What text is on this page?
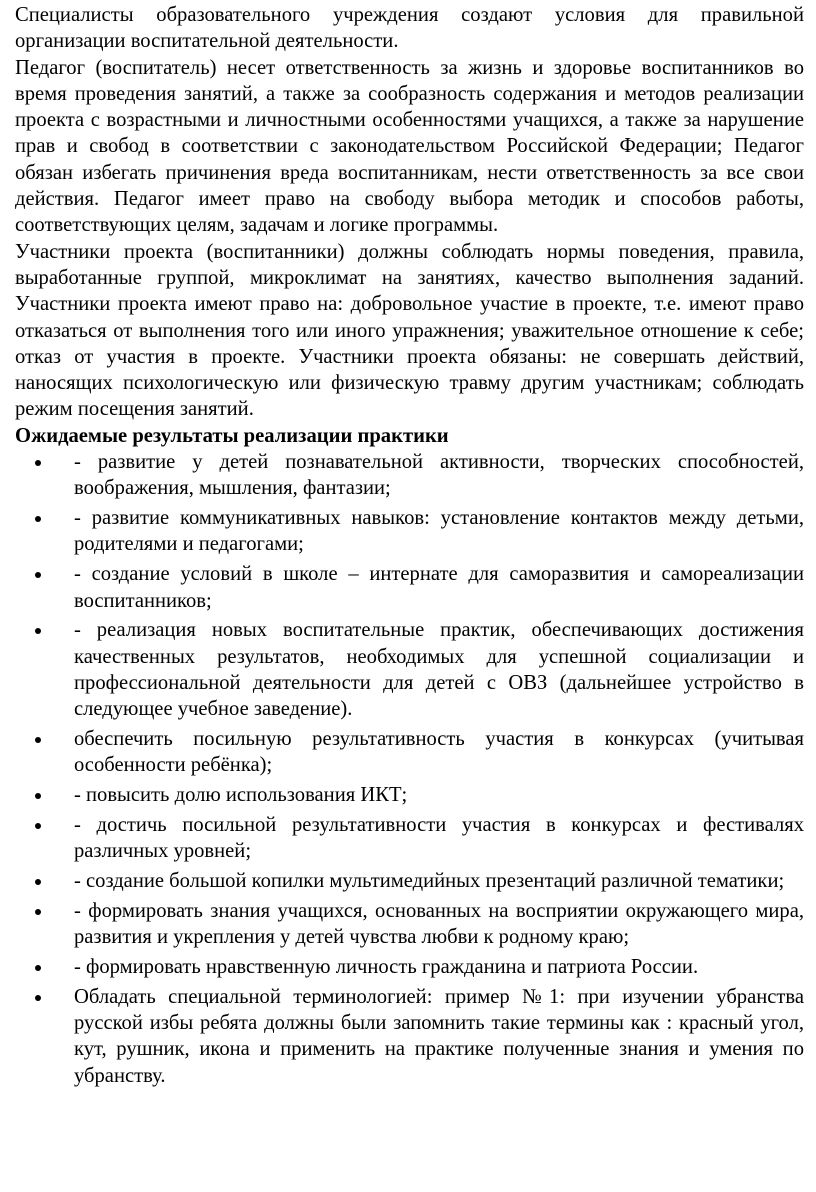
Специалисты образовательного учреждения создают условия для правильной организации воспитательной деятельности.

Педагог (воспитатель) несет ответственность за жизнь и здоровье воспитанников во время проведения занятий, а также за сообразность содержания и методов реализации проекта с возрастными и личностными особенностями учащихся, а также за нарушение прав и свобод в соответствии с законодательством Российской Федерации; Педагог обязан избегать причинения вреда воспитанникам, нести ответственность за все свои действия. Педагог имеет право на свободу выбора методик и способов работы, соответствующих целям, задачам и логике программы.

Участники проекта (воспитанники) должны соблюдать нормы поведения, правила, выработанные группой, микроклимат на занятиях, качество выполнения заданий. Участники проекта имеют право на: добровольное участие в проекте, т.е. имеют право отказаться от выполнения того или иного упражнения; уважительное отношение к себе; отказ от участия в проекте. Участники проекта обязаны: не совершать действий, наносящих психологическую или физическую травму другим участникам; соблюдать режим посещения занятий.

Ожидаемые результаты реализации практики

- развитие у детей познавательной активности, творческих способностей, воображения, мышления, фантазии;
- развитие коммуникативных навыков: установление контактов между детьми, родителями и педагогами;
- создание условий в школе – интернате для саморазвития и самореализации воспитанников;
- реализация новых воспитательные практик, обеспечивающих достижения качественных результатов, необходимых для успешной социализации и профессиональной деятельности для детей с ОВЗ (дальнейшее устройство в следующее учебное заведение).
обеспечить посильную результативность участия в конкурсах (учитывая особенности ребёнка);
- повысить долю использования ИКТ;
- достичь посильной результативности участия в конкурсах и фестивалях различных уровней;
- создание большой копилки мультимедийных презентаций различной тематики;
- формировать знания учащихся, основанных на восприятии окружающего мира, развития и укрепления у детей чувства любви к родному краю;
- формировать нравственную личность гражданина и патриота России.
Обладать специальной терминологией: пример №1: при изучении убранства русской избы ребята должны были запомнить такие термины как : красный угол, кут, рушник, икона и применить на практике полученные знания и умения по убранству.
